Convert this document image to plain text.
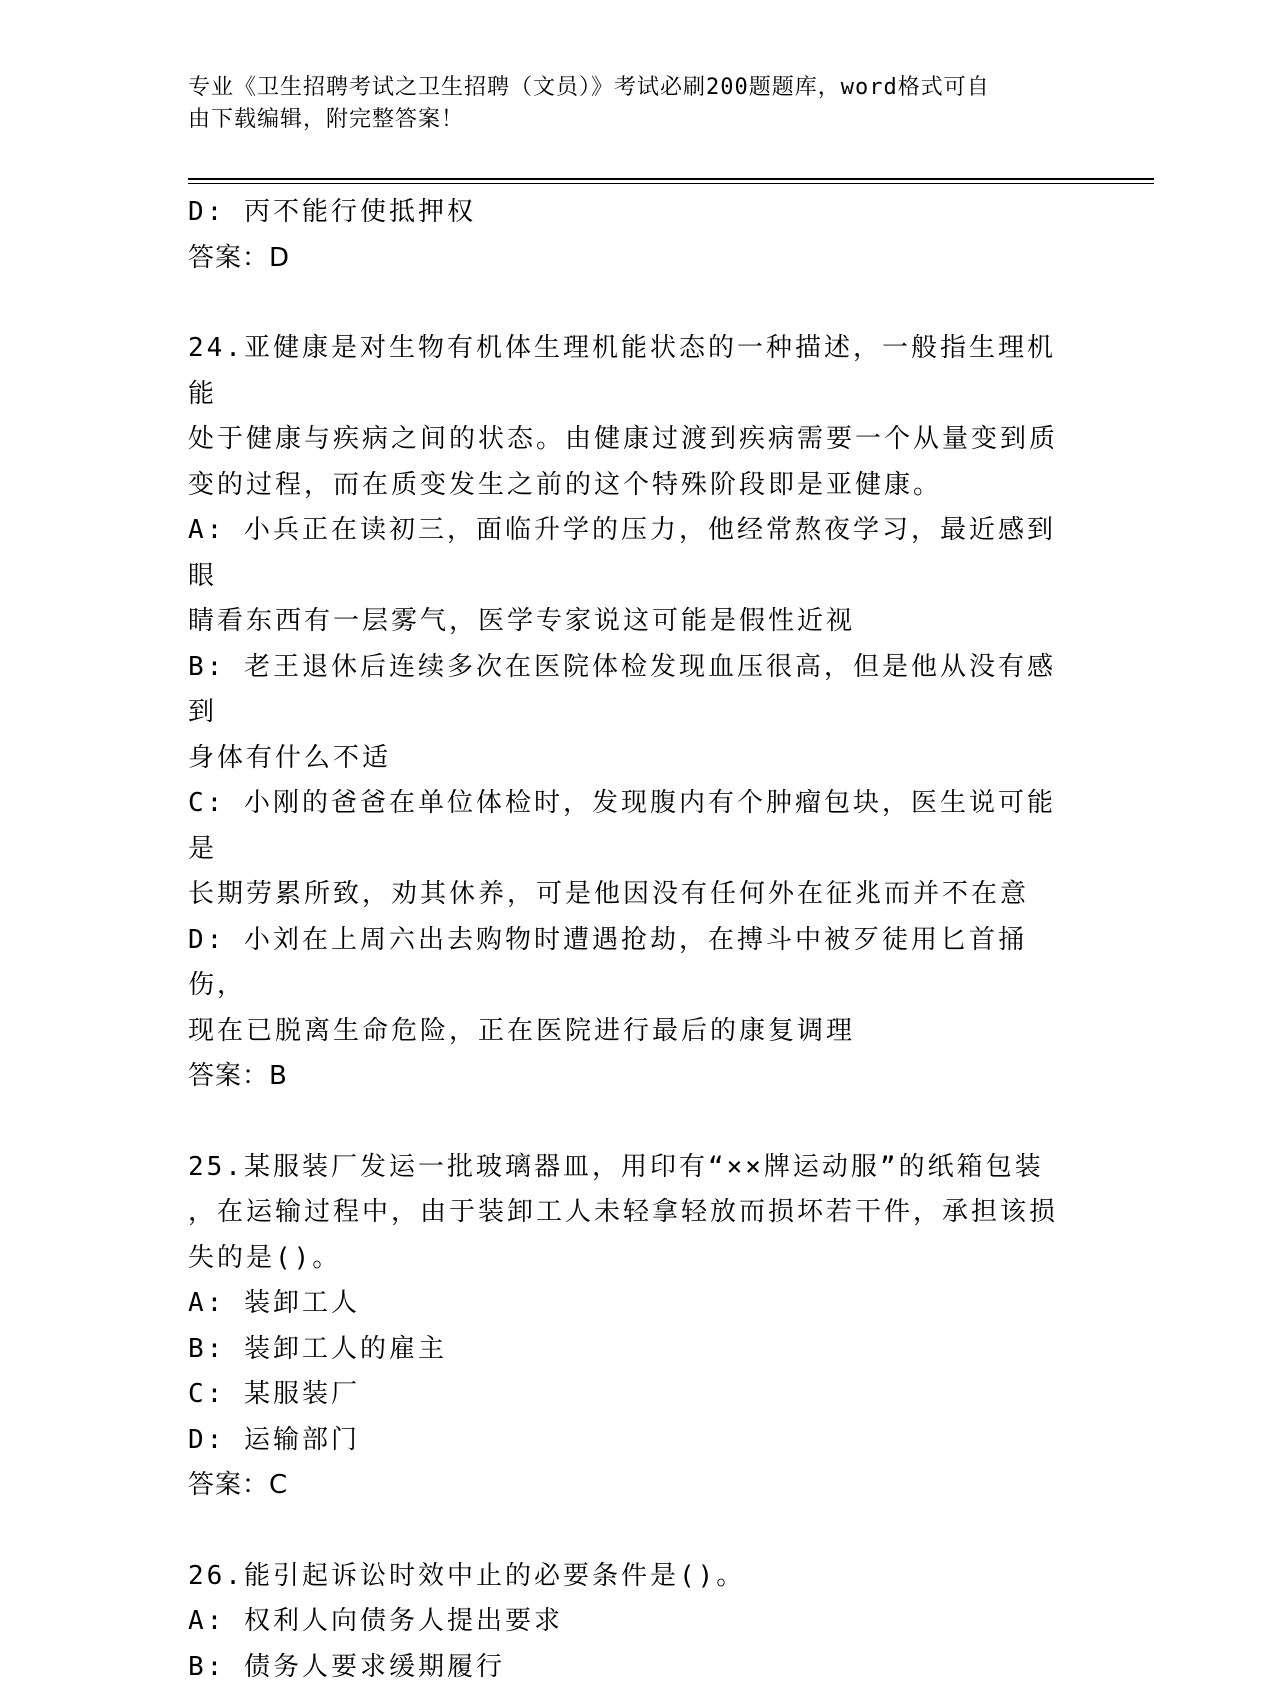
专业《卫生招聘考试之卫生招聘（文员）》考试必刷200题题库，word格式可自
由下载编辑，附完整答案！
D: 丙不能行使抵押权
答案：D
24.亚健康是对生物有机体生理机能状态的一种描述，一般指生理机能
处于健康与疾病之间的状态。由健康过渡到疾病需要一个从量变到质
变的过程，而在质变发生之前的这个特殊阶段即是亚健康。
A: 小兵正在读初三，面临升学的压力，他经常熬夜学习，最近感到眼
睛看东西有一层雾气，医学专家说这可能是假性近视
B: 老王退休后连续多次在医院体检发现血压很高，但是他从没有感到
身体有什么不适
C: 小刚的爸爸在单位体检时，发现腹内有个肿瘤包块，医生说可能是
长期劳累所致，劝其休养，可是他因没有任何外在征兆而并不在意
D: 小刘在上周六出去购物时遭遇抢劫，在搏斗中被歹徒用匕首捅伤，
现在已脱离生命危险，正在医院进行最后的康复调理
答案：B
25.某服装厂发运一批玻璃器皿，用印有“××牌运动服”的纸箱包装
，在运输过程中，由于装卸工人未轻拿轻放而损坏若干件，承担该损
失的是()。
A: 装卸工人
B: 装卸工人的雇主
C: 某服装厂
D: 运输部门
答案：C
26.能引起诉讼时效中止的必要条件是()。
A: 权利人向债务人提出要求
B: 债务人要求缓期履行
